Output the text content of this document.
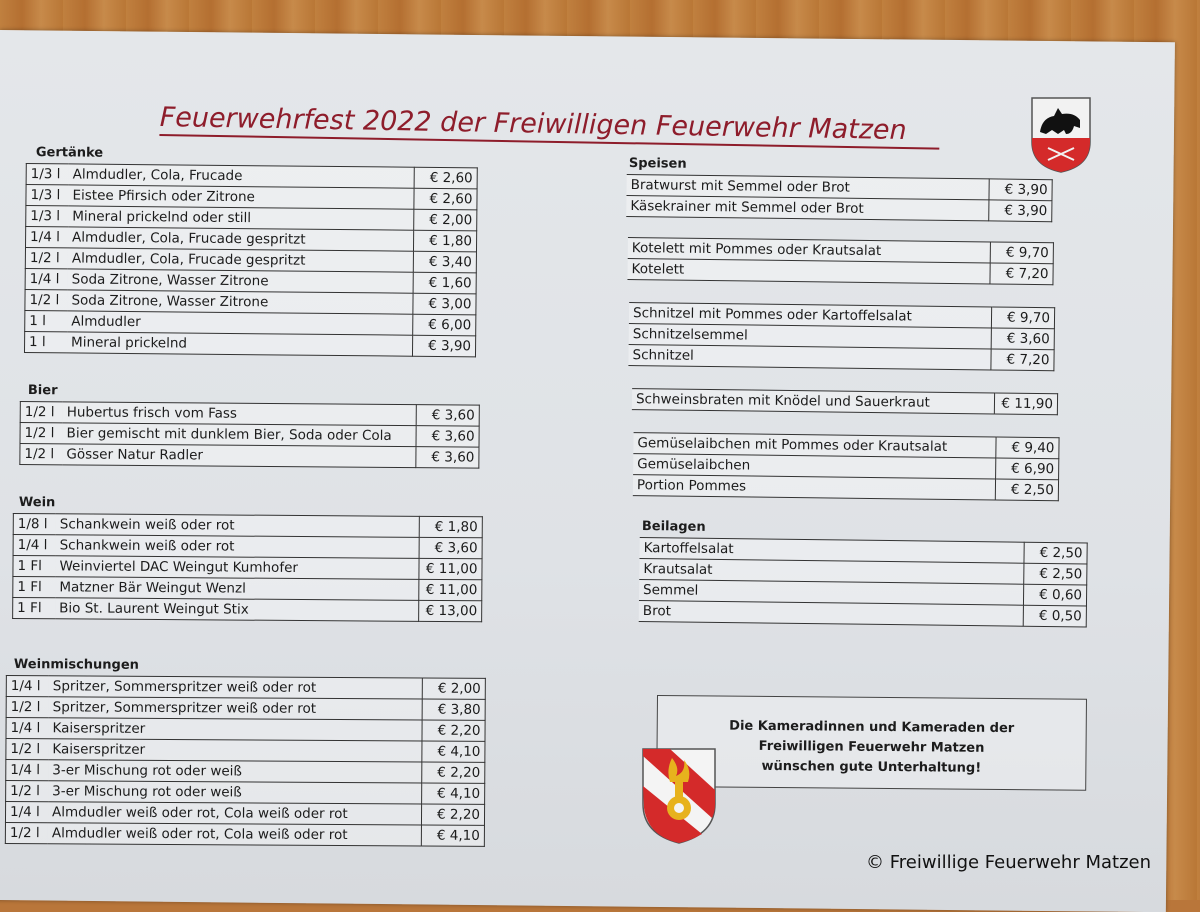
Feuerwehrfest 2022 der Freiwilligen Feuerwehr Matzen
Gertänke
1/3 l	Almdudler, Cola, Frucade	€ 2,60
1/3 l	Eistee Pfirsich oder Zitrone	€ 2,60
1/3 l	Mineral prickelnd oder still	€ 2,00
1/4 l	Almdudler, Cola, Frucade gespritzt	€ 1,80
1/2 l	Almdudler, Cola, Frucade gespritzt	€ 3,40
1/4 l	Soda Zitrone, Wasser Zitrone	€ 1,60
1/2 l	Soda Zitrone, Wasser Zitrone	€ 3,00
1 l	Almdudler	€ 6,00
1 l	Mineral prickelnd	€ 3,90
Bier
1/2 l	Hubertus frisch vom Fass	€ 3,60
1/2 l	Bier gemischt mit dunklem Bier, Soda oder Cola	€ 3,60
1/2 l	Gösser Natur Radler	€ 3,60
Wein
1/8 l	Schankwein weiß oder rot	€ 1,80
1/4 l	Schankwein weiß oder rot	€ 3,60
1 Fl	Weinviertel DAC Weingut Kumhofer	€ 11,00
1 Fl	Matzner Bär Weingut Wenzl	€ 11,00
1 Fl	Bio St. Laurent Weingut Stix	€ 13,00
Weinmischungen
1/4 l	Spritzer, Sommerspritzer weiß oder rot	€ 2,00
1/2 l	Spritzer, Sommerspritzer weiß oder rot	€ 3,80
1/4 l	Kaiserspritzer	€ 2,20
1/2 l	Kaiserspritzer	€ 4,10
1/4 l	3-er Mischung rot oder weiß	€ 2,20
1/2 l	3-er Mischung rot oder weiß	€ 4,10
1/4 l	Almdudler weiß oder rot, Cola weiß oder rot	€ 2,20
1/2 l	Almdudler weiß oder rot, Cola weiß oder rot	€ 4,10
Speisen
Bratwurst mit Semmel oder Brot	€ 3,90
Käsekrainer mit Semmel oder Brot	€ 3,90
Kotelett mit Pommes oder Krautsalat	€ 9,70
Kotelett	€ 7,20
Schnitzel mit Pommes oder Kartoffelsalat	€ 9,70
Schnitzelsemmel	€ 3,60
Schnitzel	€ 7,20
Schweinsbraten mit Knödel und Sauerkraut	€ 11,90
Gemüselaibchen mit Pommes oder Krautsalat	€ 9,40
Gemüselaibchen	€ 6,90
Portion Pommes	€ 2,50
Beilagen
Kartoffelsalat	€ 2,50
Krautsalat	€ 2,50
Semmel	€ 0,60
Brot	€ 0,50
Die Kameradinnen und Kameraden der
Freiwilligen Feuerwehr Matzen
wünschen gute Unterhaltung!
© Freiwillige Feuerwehr Matzen
